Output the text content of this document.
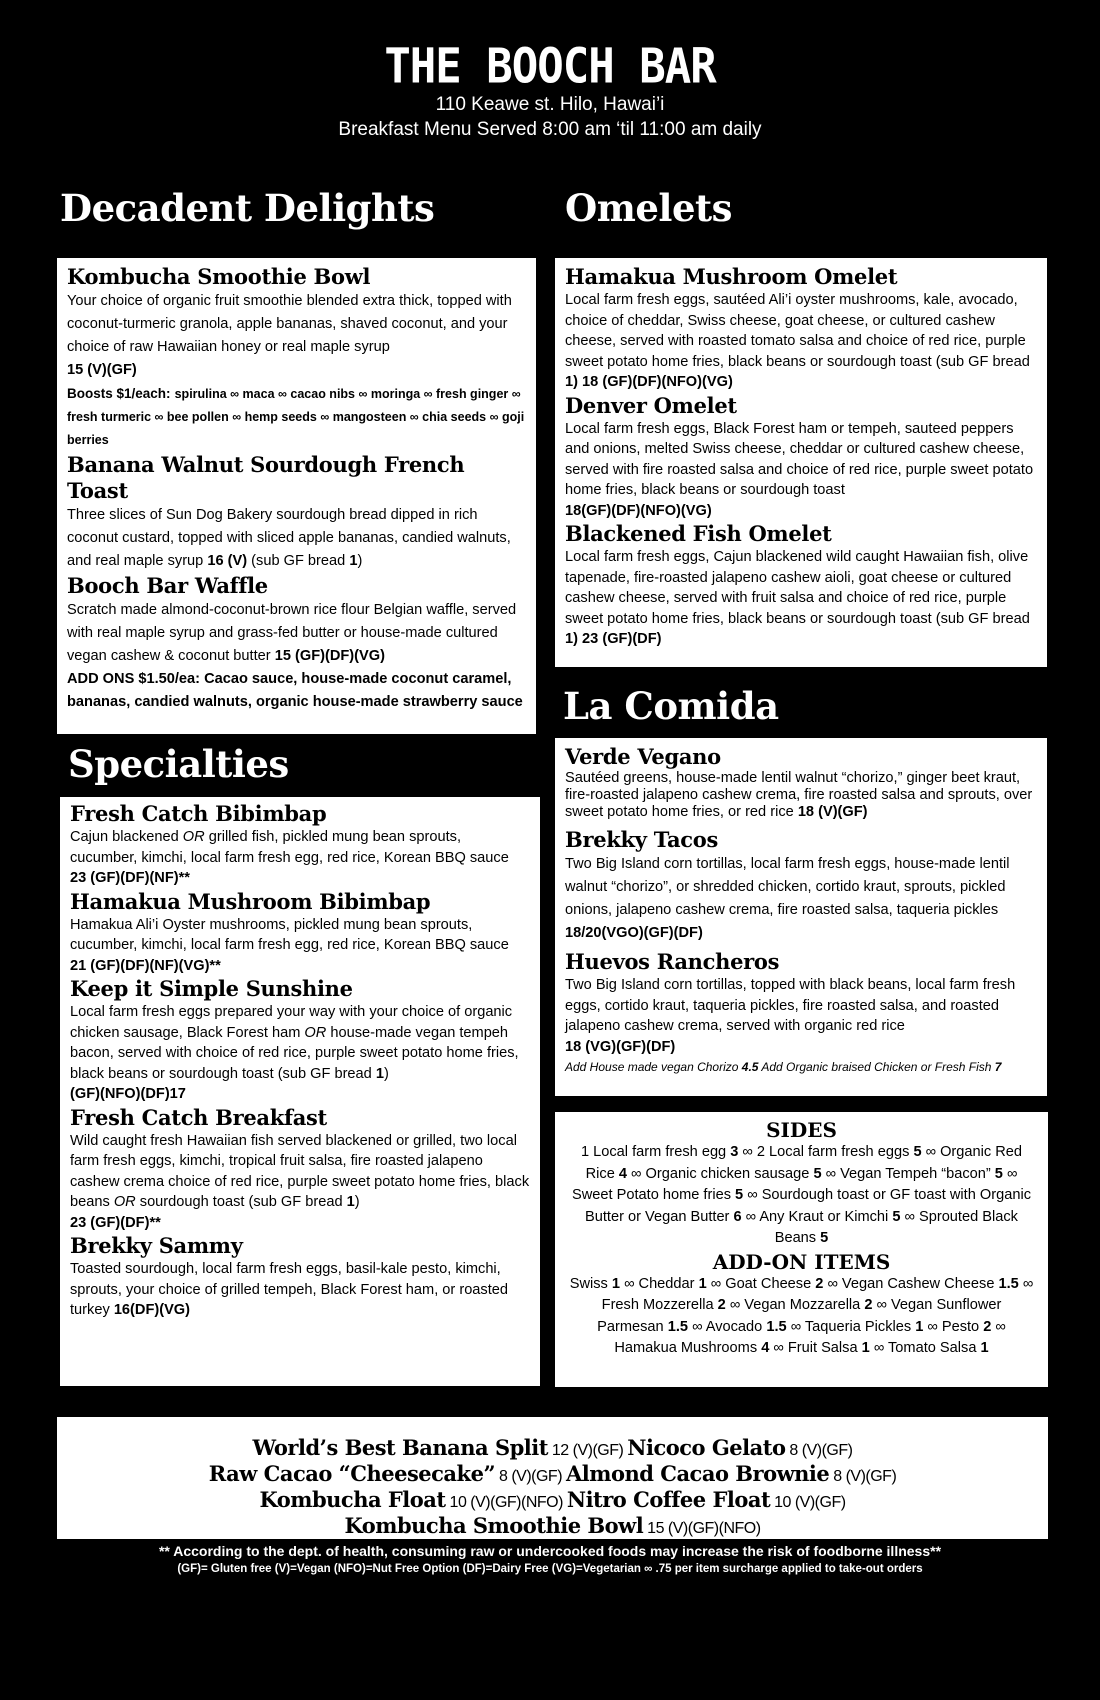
THE BOOCH BAR
110 Keawe st. Hilo, Hawai’i
Breakfast Menu Served 8:00 am ‘til 11:00 am daily
Decadent Delights
Kombucha Smoothie Bowl
Your choice of organic fruit smoothie blended extra thick, topped with coconut-turmeric granola, apple bananas, shaved coconut, and your choice of raw Hawaiian honey or real maple syrup
15 (V)(GF)
Boosts $1/each: spirulina ∞ maca ∞ cacao nibs ∞ moringa ∞ fresh ginger ∞ fresh turmeric ∞ bee pollen ∞ hemp seeds ∞ mangosteen ∞ chia seeds ∞ goji berries
Banana Walnut Sourdough French Toast
Three slices of Sun Dog Bakery sourdough bread dipped in rich coconut custard, topped with sliced apple bananas, candied walnuts, and real maple syrup 16 (V) (sub GF bread 1)
Booch Bar Waffle
Scratch made almond-coconut-brown rice flour Belgian waffle, served with real maple syrup and grass-fed butter or house-made cultured vegan cashew & coconut butter 15 (GF)(DF)(VG)
ADD ONS $1.50/ea: Cacao sauce, house-made coconut caramel, bananas, candied walnuts, organic house-made strawberry sauce
Omelets
Hamakua Mushroom Omelet
Local farm fresh eggs, sautéed Ali’i oyster mushrooms, kale, avocado, choice of cheddar, Swiss cheese, goat cheese, or cultured cashew cheese, served with roasted tomato salsa and choice of red rice, purple sweet potato home fries, black beans or sourdough toast (sub GF bread 1) 18 (GF)(DF)(NFO)(VG)
Denver Omelet
Local farm fresh eggs, Black Forest ham or tempeh, sauteed peppers and onions, melted Swiss cheese, cheddar or cultured cashew cheese, served with fire roasted salsa and choice of red rice, purple sweet potato home fries, black beans or sourdough toast
18(GF)(DF)(NFO)(VG)
Blackened Fish Omelet
Local farm fresh eggs, Cajun blackened wild caught Hawaiian fish, olive tapenade, fire-roasted jalapeno cashew aioli, goat cheese or cultured cashew cheese, served with fruit salsa and choice of red rice, purple sweet potato home fries, black beans or sourdough toast (sub GF bread 1) 23 (GF)(DF)
Specialties
Fresh Catch Bibimbap
Cajun blackened OR grilled fish, pickled mung bean sprouts, cucumber, kimchi, local farm fresh egg, red rice, Korean BBQ sauce
23 (GF)(DF)(NF)**
Hamakua Mushroom Bibimbap
Hamakua Ali’i Oyster mushrooms, pickled mung bean sprouts, cucumber, kimchi, local farm fresh egg, red rice, Korean BBQ sauce
21 (GF)(DF)(NF)(VG)**
Keep it Simple Sunshine
Local farm fresh eggs prepared your way with your choice of organic chicken sausage, Black Forest ham OR house-made vegan tempeh bacon, served with choice of red rice, purple sweet potato home fries, black beans or sourdough toast (sub GF bread 1)
(GF)(NFO)(DF)17
Fresh Catch Breakfast
Wild caught fresh Hawaiian fish served blackened or grilled, two local farm fresh eggs, kimchi, tropical fruit salsa, fire roasted jalapeno cashew crema choice of red rice, purple sweet potato home fries, black beans OR sourdough toast (sub GF bread 1)
23 (GF)(DF)**
Brekky Sammy
Toasted sourdough, local farm fresh eggs, basil-kale pesto, kimchi, sprouts, your choice of grilled tempeh, Black Forest ham, or roasted turkey 16(DF)(VG)
La Comida
Verde Vegano
Sautéed greens, house-made lentil walnut “chorizo,” ginger beet kraut, fire-roasted jalapeno cashew crema, fire roasted salsa and sprouts, over sweet potato home fries, or red rice 18 (V)(GF)
Brekky Tacos
Two Big Island corn tortillas, local farm fresh eggs, house-made lentil walnut “chorizo”, or shredded chicken, cortido kraut, sprouts, pickled onions, jalapeno cashew crema, fire roasted salsa, taqueria pickles
18/20(VGO)(GF)(DF)
Huevos Rancheros
Two Big Island corn tortillas, topped with black beans, local farm fresh eggs, cortido kraut, taqueria pickles, fire roasted salsa, and roasted jalapeno cashew crema, served with organic red rice
18 (VG)(GF)(DF)
Add House made vegan Chorizo 4.5 Add Organic braised Chicken or Fresh Fish 7
SIDES
1 Local farm fresh egg 3 ∞ 2 Local farm fresh eggs 5 ∞ Organic Red Rice 4 ∞ Organic chicken sausage 5 ∞ Vegan Tempeh “bacon” 5 ∞ Sweet Potato home fries 5 ∞ Sourdough toast or GF toast with Organic Butter or Vegan Butter 6 ∞ Any Kraut or Kimchi 5 ∞ Sprouted Black Beans 5
ADD-ON ITEMS
Swiss 1 ∞ Cheddar 1 ∞ Goat Cheese 2 ∞ Vegan Cashew Cheese 1.5 ∞ Fresh Mozzerella 2 ∞ Vegan Mozzarella 2 ∞ Vegan Sunflower Parmesan 1.5 ∞ Avocado 1.5 ∞ Taqueria Pickles 1 ∞ Pesto 2 ∞ Hamakua Mushrooms 4 ∞ Fruit Salsa 1 ∞ Tomato Salsa 1
World’s Best Banana Split 12 (V)(GF) Nicoco Gelato 8 (V)(GF)
Raw Cacao “Cheesecake” 8 (V)(GF) Almond Cacao Brownie 8 (V)(GF)
Kombucha Float 10 (V)(GF)(NFO) Nitro Coffee Float 10 (V)(GF)
Kombucha Smoothie Bowl 15 (V)(GF)(NFO)
** According to the dept. of health, consuming raw or undercooked foods may increase the risk of foodborne illness**
(GF)= Gluten free (V)=Vegan (NFO)=Nut Free Option (DF)=Dairy Free (VG)=Vegetarian ∞ .75 per item surcharge applied to take-out orders
